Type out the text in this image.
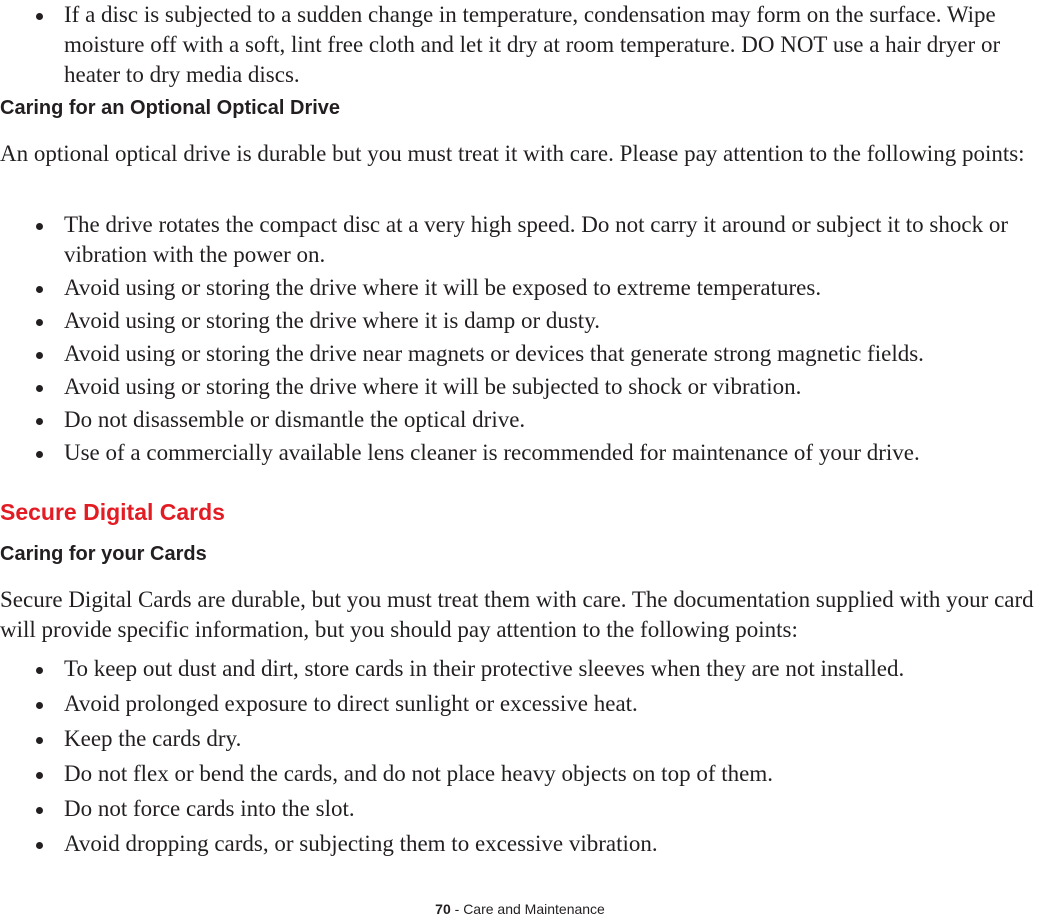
If a disc is subjected to a sudden change in temperature, condensation may form on the surface. Wipe moisture off with a soft, lint free cloth and let it dry at room temperature. DO NOT use a hair dryer or heater to dry media discs.

Caring for an Optional Optical Drive

An optional optical drive is durable but you must treat it with care. Please pay attention to the following points:

The drive rotates the compact disc at a very high speed. Do not carry it around or subject it to shock or vibration with the power on.
Avoid using or storing the drive where it will be exposed to extreme temperatures.
Avoid using or storing the drive where it is damp or dusty.
Avoid using or storing the drive near magnets or devices that generate strong magnetic fields.
Avoid using or storing the drive where it will be subjected to shock or vibration.
Do not disassemble or dismantle the optical drive.
Use of a commercially available lens cleaner is recommended for maintenance of your drive.

Secure Digital Cards

Caring for your Cards

Secure Digital Cards are durable, but you must treat them with care. The documentation supplied with your card will provide specific information, but you should pay attention to the following points:

To keep out dust and dirt, store cards in their protective sleeves when they are not installed.
Avoid prolonged exposure to direct sunlight or excessive heat.
Keep the cards dry.
Do not flex or bend the cards, and do not place heavy objects on top of them.
Do not force cards into the slot.
Avoid dropping cards, or subjecting them to excessive vibration.
70 - Care and Maintenance
